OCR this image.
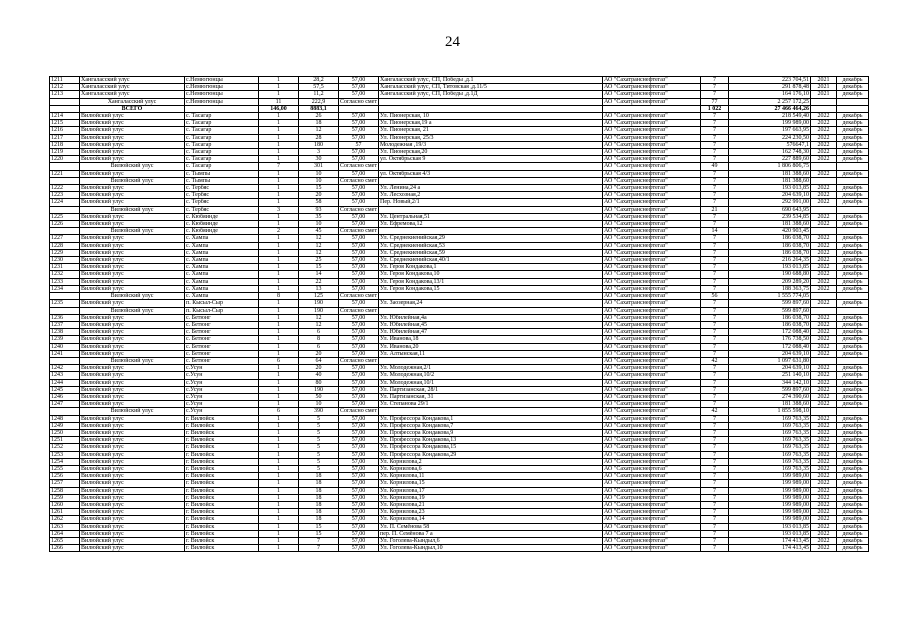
24
1211	Хангаласский улус	с.Немюгюнцы	1	28,2	57,00	Хангаласский улус, СП, Победы ,д.1	АО "Сахатранснефтегаз"	7	223 704,51	2021	декабрь
1212	Хангаласский улус	с.Немюгюнцы	1	57,5	57,00	Хангаласский улус, СП, Титовская ,д.11/5	АО "Сахатранснефтегаз"	7	291 878,48	2021	декабрь
1213	Хангаласский улус	с.Немюгюнцы	1	11,2	57,00	Хангаласский улус, СП, Победы ,д.1Д	АО "Сахатранснефтегаз"	7	164 176,10	2021	декабрь
	Хангаласский улус	с.Немюгюнцы	11	222,9	Согласно смет		АО "Сахатранснефтегаз"	77	2 257 172,25		
	ВСЕГО		146,00	8883,1				1 022	27 466 464,26		
1214	Вилюйский улус	с. Тасагар	1	26	57,00	Ул. Пионерская, 10	АО "Сахатранснефтегаз"	7	218 549,40	2022	декабрь
1215	Вилюйский улус	с. Тасагар	1	18	57,00	Ул. Пионерская,19 а	АО "Сахатранснефтегаз"	7	199 989,00	2022	декабрь
1216	Вилюйский улус	с. Тасагар	1	12	57,00	Ул. Пионерская, 21	АО "Сахатранснефтегаз"	7	197 663,95	2022	декабрь
1217	Вилюйский улус	с. Тасагар	1	28	57,00	Ул. Пионерская, 25/3	АО "Сахатранснефтегаз"	7	224 230,50	2022	декабрь
1218	Вилюйский улус	с. Тасагар	1	180	57	Молодежная ,19/3	АО "Сахатранснефтегаз"	7	576647,1	2022	декабрь
1219	Вилюйский улус	с. Тасагар	1	3	57,00	Ул. Пионерская,20	АО "Сахатранснефтегаз"	7	162 748,30	2022	декабрь
1220	Вилюйский улус	с. Тасагар	1	30	57,00	ул. Октябрьская 9	АО "Сахатранснефтегаз"	7	227 889,60	2022	декабрь
	Вилюйский улус	с. Тасагар	7	301	Согласно смет		АО "Сахатранснефтегаз"	49	1 806 806,75		
1221	Вилюйский улус	с. Тымпы	1	10	57,00	ул. Октябрьская 4/3	АО "Сахатранснефтегаз"	7	181 388,60	2022	декабрь
	Вилюйский улус	с. Тымпы	1	10	Согласно смет		АО "Сахатранснефтегаз"	7	181 388,60		
1222	Вилюйский улус	с. Тербяс	1	15	57,00	Ул. Ленина,24 а	АО "Сахатранснефтегаз"	7	193 013,85	2022	декабрь
1223	Вилюйский улус	с. Тербяс	1	20	57,00	Ул. Лесхозная,2	АО "Сахатранснефтегаз"	7	204 639,10	2022	декабрь
1224	Вилюйский улус	с. Тербяс	1	58	57,00	Пер. Новый,2/1	АО "Сахатранснефтегаз"	7	292 991,00	2022	декабрь
	Вилюйский улус	с. Тербяс	3	93	Согласно смет		АО "Сахатранснефтегаз"	21	690 643,95		
1225	Вилюйский улус	с. Кюбяинде	1	35	57,00	Ул. Центральная,51	АО "Сахатранснефтегаз"	7	239 534,85	2022	декабрь
1226	Вилюйский улус	с. Кюбяинде	1	10	57,00	Ул. Ефремова,12	АО "Сахатранснефтегаз"	7	181 388,60	2022	декабрь
	Вилюйский улус	с. Кюбяинде	2	45	Согласно смет		АО "Сахатранснефтегаз"	14	420 903,45		
1227	Вилюйский улус	с. Хампа	1	12	57,00	Ул. Среднекиенийская,29	АО "Сахатранснефтегаз"	7	186 038,70	2022	декабрь
1228	Вилюйский улус	с. Хампа	1	12	57,00	Ул. Среднекиенийская,53	АО "Сахатранснефтегаз"	7	186 038,70	2022	декабрь
1229	Вилюйский улус	с. Хампа	1	12	57,00	Ул. Среднекиенийская,59	АО "Сахатранснефтегаз"	7	186 038,70	2022	декабрь
1230	Вилюйский улус	с. Хампа	1	25	57,00	Ул. Среднекиенийская,40/1	АО "Сахатранснефтегаз"	7	216 264,35	2022	декабрь
1231	Вилюйский улус	с. Хампа	1	15	57,00	Ул. Героя Кондакова,1	АО "Сахатранснефтегаз"	7	193 013,85	2022	декабрь
1232	Вилюйский улус	с. Хампа	1	14	57,00	Ул. Героя Кондакова,10	АО "Сахатранснефтегаз"	7	190 688,80	2022	декабрь
1233	Вилюйский улус	с. Хампа	1	22	57,00	Ул. Героя Кондакова,13/1	АО "Сахатранснефтегаз"	7	209 289,20	2022	декабрь
1234	Вилюйский улус	с. Хампа	1	13	57,00	Ул. Героя Кондакова,15	АО "Сахатранснефтегаз"	7	188 363,75	2022	декабрь
	Вилюйский улус	с. Хампа	8	125	Согласно смет		АО "Сахатранснефтегаз"	56	1 555 774,05		
1235	Вилюйский улус	п. Кысыл-Сыр	1	190	57,00	Ул. Заозерная,24	АО "Сахатранснефтегаз"	7	599 897,60	2022	декабрь
	Вилюйский улус	п. Кысыл-Сыр	1	190	Согласно смет		АО "Сахатранснефтегаз"	7	599 897,60		
1236	Вилюйский улус	с. Бетюнг	1	12	57,00	Ул. Юбилейная,4а	АО "Сахатранснефтегаз"	7	186 038,70	2022	декабрь
1237	Вилюйский улус	с. Бетюнг	1	12	57,00	Ул. Юбилейная,45	АО "Сахатранснефтегаз"	7	186 038,70	2022	декабрь
1238	Вилюйский улус	с. Бетюнг	1	6	57,00	Ул. Юбилейная,47	АО "Сахатранснефтегаз"	7	172 088,40	2022	декабрь
1239	Вилюйский улус	с. Бетюнг	1	8	57,00	Ул. Иванова,18	АО "Сахатранснефтегаз"	7	176 738,50	2022	декабрь
1240	Вилюйский улус	с. Бетюнг	1	6	57,00	Ул. Иванова,20	АО "Сахатранснефтегаз"	7	172 088,40	2022	декабрь
1241	Вилюйский улус	с. Бетюнг	1	20	57,00	Ул. Алтынская,11	АО "Сахатранснефтегаз"	7	204 639,10	2022	декабрь
	Вилюйский улус	с. Бетюнг	6	64	Согласно смет		АО "Сахатранснефтегаз"	42	1 097 631,80		
1242	Вилюйский улус	с.Усун	1	20	57,00	Ул. Молодежная,2/1	АО "Сахатранснефтегаз"	7	204 639,10	2022	декабрь
1243	Вилюйский улус	с.Усун	1	40	57,00	Ул. Молодежная,10/2	АО "Сахатранснефтегаз"	7	251 140,10	2022	декабрь
1244	Вилюйский улус	с.Усун	1	80	57,00	Ул. Молодежная,10/1	АО "Сахатранснефтегаз"	7	344 142,10	2022	декабрь
1245	Вилюйский улус	с.Усун	1	190	57,00	Ул. Партизанская, 28/1	АО "Сахатранснефтегаз"	7	599 897,60	2022	декабрь
1246	Вилюйский улус	с.Усун	1	50	57,00	Ул. Партизанская, 31	АО "Сахатранснефтегаз"	7	274 390,60	2022	декабрь
1247	Вилюйский улус	с.Усун	1	10	57,00	Ул. Степанова 29/1	АО "Сахатранснефтегаз"	7	181 388,60	2022	декабрь
	Вилюйский улус	с.Усун	6	390	Согласно смет		АО "Сахатранснефтегаз"	42	1 855 598,10		
1248	Вилюйский улус	г. Вилюйск	1	5	57,00	Ул. Профессора Кондакова,1	АО "Сахатранснефтегаз"	7	169 763,35	2022	декабрь
1249	Вилюйский улус	г. Вилюйск	1	5	57,00	Ул. Профессора Кондакова,7	АО "Сахатранснефтегаз"	7	169 763,35	2022	декабрь
1250	Вилюйский улус	г. Вилюйск	1	5	57,00	Ул. Профессора Кондакова,9	АО "Сахатранснефтегаз"	7	169 763,35	2022	декабрь
1251	Вилюйский улус	г. Вилюйск	1	5	57,00	Ул. Профессора Кондакова,13	АО "Сахатранснефтегаз"	7	169 763,35	2022	декабрь
1252	Вилюйский улус	г. Вилюйск	1	5	57,00	Ул. Профессора Кондакова,15	АО "Сахатранснефтегаз"	7	169 763,35	2022	декабрь
1253	Вилюйский улус	г. Вилюйск	1	5	57,00	Ул. Профессора Кондакова,29	АО "Сахатранснефтегаз"	7	169 763,35	2022	декабрь
1254	Вилюйский улус	г. Вилюйск	1	5	57,00	Ул. Корнилова,2	АО "Сахатранснефтегаз"	7	169 763,35	2022	декабрь
1255	Вилюйский улус	г. Вилюйск	1	5	57,00	Ул. Корнилова,6	АО "Сахатранснефтегаз"	7	169 763,35	2022	декабрь
1256	Вилюйский улус	г. Вилюйск	1	18	57,00	Ул. Корнилова,11	АО "Сахатранснефтегаз"	7	199 989,00	2022	декабрь
1257	Вилюйский улус	г. Вилюйск	1	18	57,00	Ул. Корнилова,15	АО "Сахатранснефтегаз"	7	199 989,00	2022	декабрь
1258	Вилюйский улус	г. Вилюйск	1	18	57,00	Ул. Корнилова,17	АО "Сахатранснефтегаз"	7	199 989,00	2022	декабрь
1259	Вилюйский улус	г. Вилюйск	1	18	57,00	Ул. Корнилова,19	АО "Сахатранснефтегаз"	7	199 989,00	2022	декабрь
1260	Вилюйский улус	г. Вилюйск	1	18	57,00	Ул. Корнилова,21	АО "Сахатранснефтегаз"	7	199 989,00	2022	декабрь
1261	Вилюйский улус	г. Вилюйск	1	18	57,00	Ул. Корнилова,23	АО "Сахатранснефтегаз"	7	199 989,00	2022	декабрь
1262	Вилюйский улус	г. Вилюйск	1	18	57,00	Ул. Корнилова,14	АО "Сахатранснефтегаз"	7	199 989,00	2022	декабрь
1263	Вилюйский улус	г. Вилюйск	1	15	57,00	Ул. П. Семёнова 58	АО "Сахатранснефтегаз"	7	193 013,85	2022	декабрь
1264	Вилюйский улус	г. Вилюйск	1	15	57,00	пер. П. Семёнова 7 а	АО "Сахатранснефтегаз"	7	193 013,85	2022	декабрь
1265	Вилюйский улус	г. Вилюйск	1	7	57,00	Ул. Гоголева-Кындыл,6	АО "Сахатранснефтегаз"	7	174 413,45	2022	декабрь
1266	Вилюйский улус	г. Вилюйск	1	7	57,00	Ул. Гоголева-Кындыл,10	АО "Сахатранснефтегаз"	7	174 413,45	2022	декабрь
